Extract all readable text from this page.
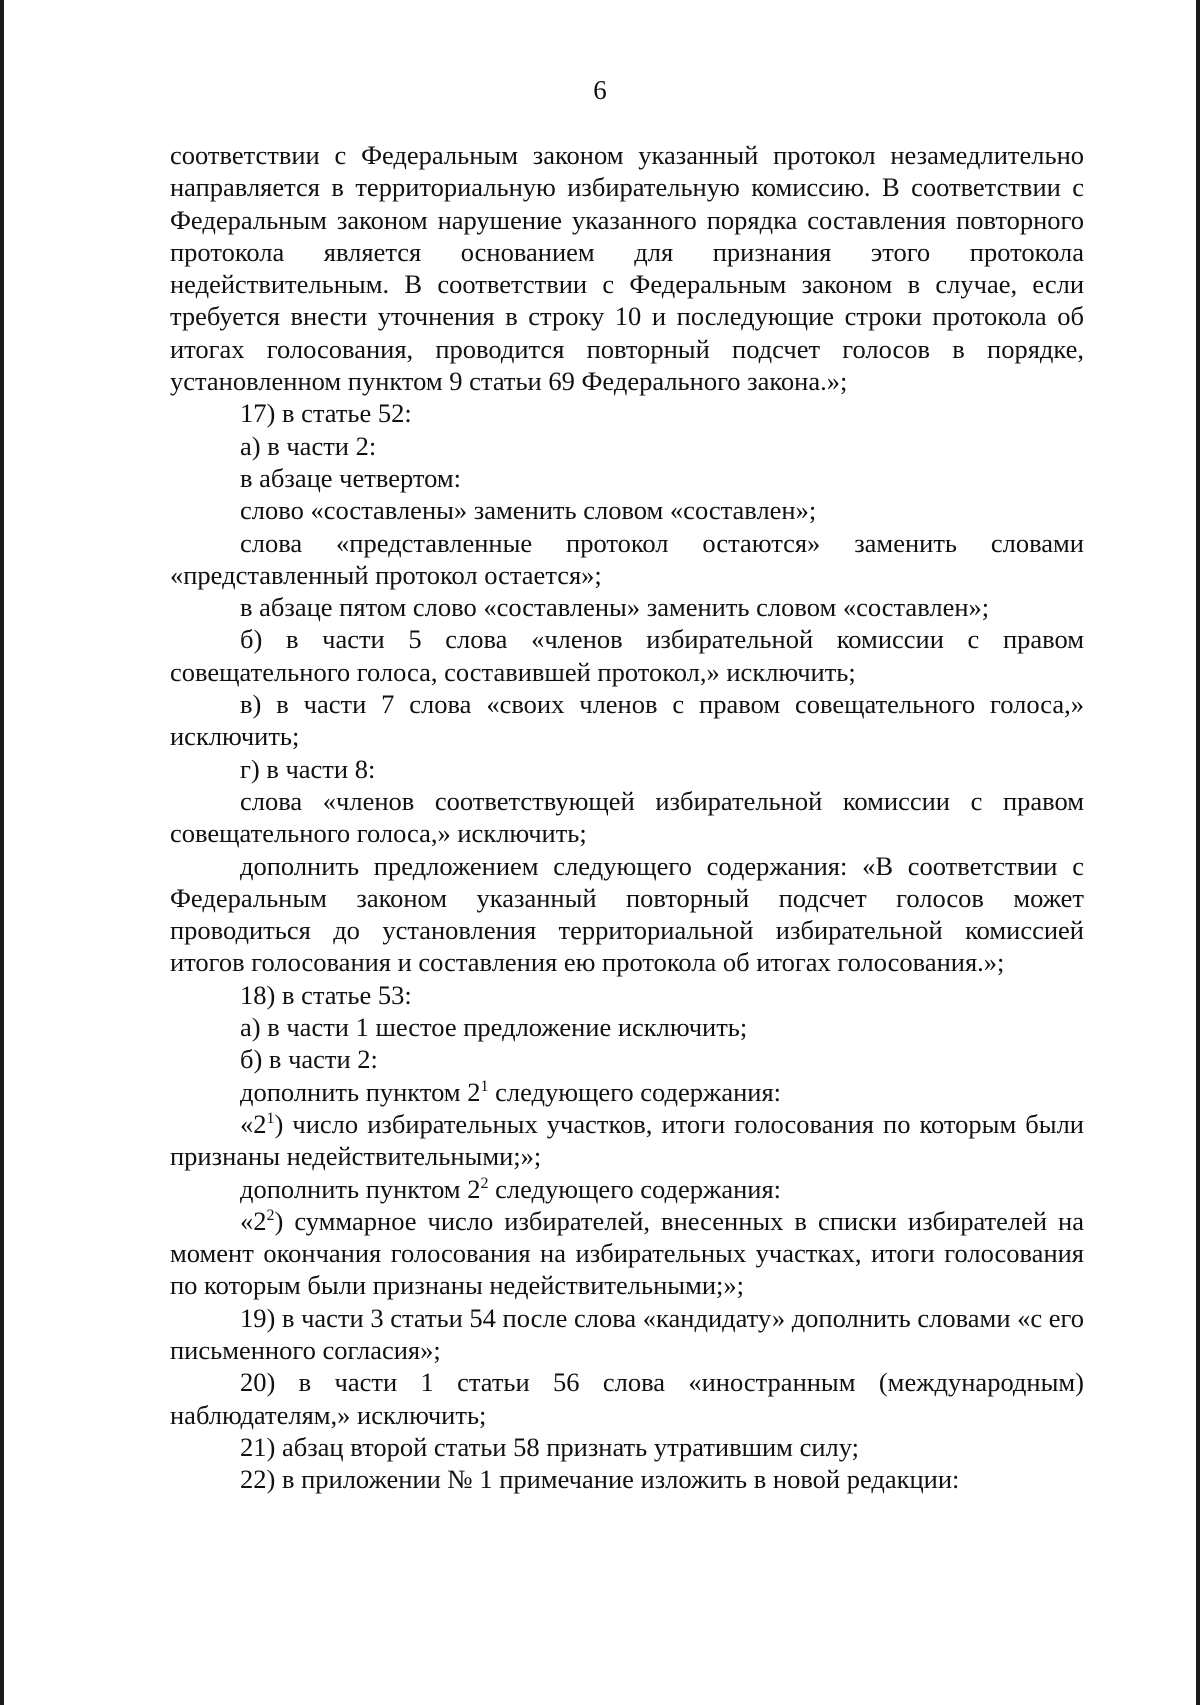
6

соответствии с Федеральным законом указанный протокол незамедлительно направляется в территориальную избирательную комиссию. В соответствии с Федеральным законом нарушение указанного порядка составления повторного протокола является основанием для признания этого протокола недействительным. В соответствии с Федеральным законом в случае, если требуется внести уточнения в строку 10 и последующие строки протокола об итогах голосования, проводится повторный подсчет голосов в порядке, установленном пунктом 9 статьи 69 Федерального закона.»;

17) в статье 52:

а) в части 2:

в абзаце четвертом:

слово «составлены» заменить словом «составлен»;

слова «представленные протокол остаются» заменить словами «представленный протокол остается»;

в абзаце пятом слово «составлены» заменить словом «составлен»;

б) в части 5 слова «членов избирательной комиссии с правом совещательного голоса, составившей протокол,» исключить;

в) в части 7 слова «своих членов с правом совещательного голоса,» исключить;

г) в части 8:

слова «членов соответствующей избирательной комиссии с правом совещательного голоса,» исключить;

дополнить предложением следующего содержания: «В соответствии с Федеральным законом указанный повторный подсчет голосов может проводиться до установления территориальной избирательной комиссией итогов голосования и составления ею протокола об итогах голосования.»;

18) в статье 53:

а) в части 1 шестое предложение исключить;

б) в части 2:

дополнить пунктом $2^1$ следующего содержания:

«$2^1$) число избирательных участков, итоги голосования по которым были признаны недействительными;»;

дополнить пунктом $2^2$ следующего содержания:

«$2^2$) суммарное число избирателей, внесенных в списки избирателей на момент окончания голосования на избирательных участках, итоги голосования по которым были признаны недействительными;»;

19) в части 3 статьи 54 после слова «кандидату» дополнить словами «с его письменного согласия»;

20) в части 1 статьи 56 слова «иностранным (международным) наблюдателям,» исключить;

21) абзац второй статьи 58 признать утратившим силу;

22) в приложении № 1 примечание изложить в новой редакции:
